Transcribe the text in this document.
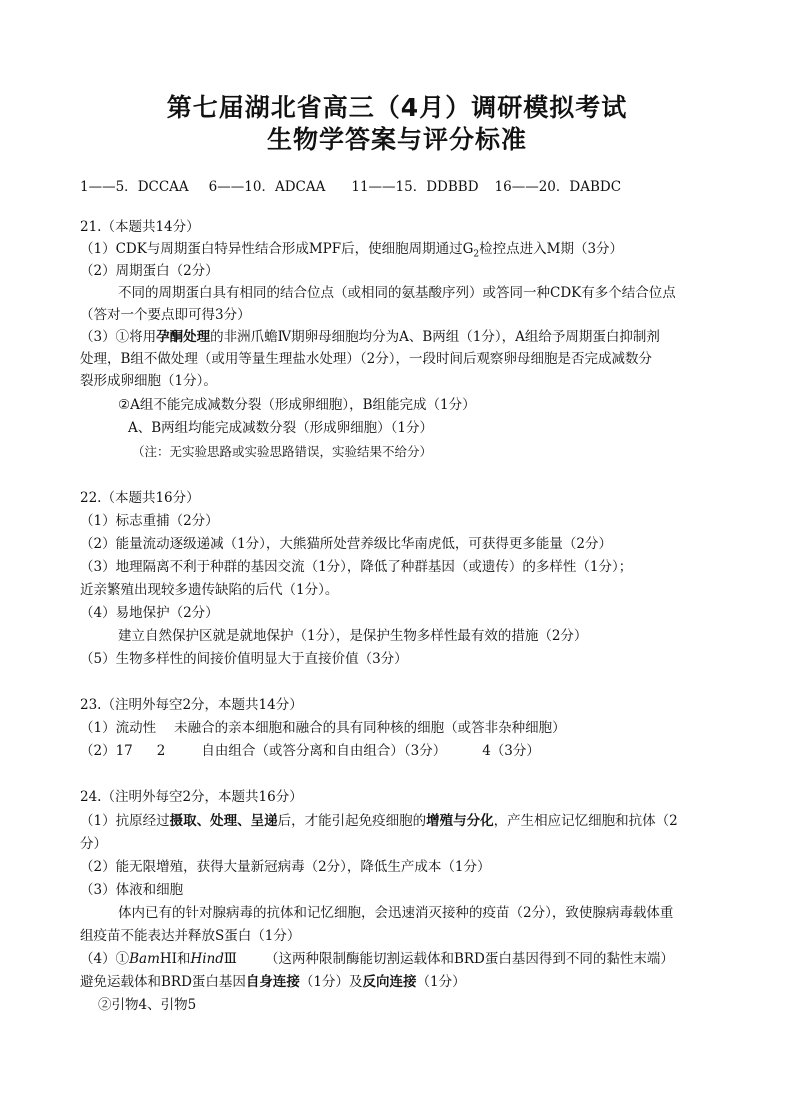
第七届湖北省高三（4月）调研模拟考试
生物学答案与评分标准
1——5．DCCAA 6——10．ADCAA 11——15．DDBBD 16——20．DABDC
21.（本题共14分）
（1）CDK与周期蛋白特异性结合形成MPF后，使细胞周期通过$G_2$检控点进入M期（3分）
（2）周期蛋白（2分）
不同的周期蛋白具有相同的结合位点（或相同的氨基酸序列）或答同一种CDK有多个结合位点
（答对一个要点即可得3分）
（3）①将用孕酮处理的非洲爪蟾Ⅳ期卵母细胞均分为A、B两组（1分），A组给予周期蛋白抑制剂
处理，B组不做处理（或用等量生理盐水处理）（2分），一段时间后观察卵母细胞是否完成减数分
裂形成卵细胞（1分）。
②A组不能完成减数分裂（形成卵细胞），B组能完成（1分）
A、B两组均能完成减数分裂（形成卵细胞）（1分）
（注：无实验思路或实验思路错误，实验结果不给分）
22.（本题共16分）
（1）标志重捕（2分）
（2）能量流动逐级递减（1分），大熊猫所处营养级比华南虎低，可获得更多能量（2分）
（3）地理隔离不利于种群的基因交流（1分），降低了种群基因（或遗传）的多样性（1分）；
近亲繁殖出现较多遗传缺陷的后代（1分）。
（4）易地保护（2分）
建立自然保护区就是就地保护（1分），是保护生物多样性最有效的措施（2分）
（5）生物多样性的间接价值明显大于直接价值（3分）
23.（注明外每空2分，本题共14分）
（1）流动性 未融合的亲本细胞和融合的具有同种核的细胞（或答非杂种细胞）
（2）17 2	自由组合（或答分离和自由组合）（3分）	4（3分）
24.（注明外每空2分，本题共16分）
（1）抗原经过摄取、处理、呈递后，才能引起免疫细胞的增殖与分化，产生相应记忆细胞和抗体（2
分）
（2）能无限增殖，获得大量新冠病毒（2分），降低生产成本（1分）
（3）体液和细胞
体内已有的针对腺病毒的抗体和记忆细胞，会迅速消灭接种的疫苗（2分），致使腺病毒载体重
组疫苗不能表达并释放S蛋白（1分）
（4）①BamHⅠ和HindⅢ （这两种限制酶能切割运载体和BRD蛋白基因得到不同的黏性末端）
避免运载体和BRD蛋白基因自身连接（1分）及反向连接（1分）
②引物4、引物5
